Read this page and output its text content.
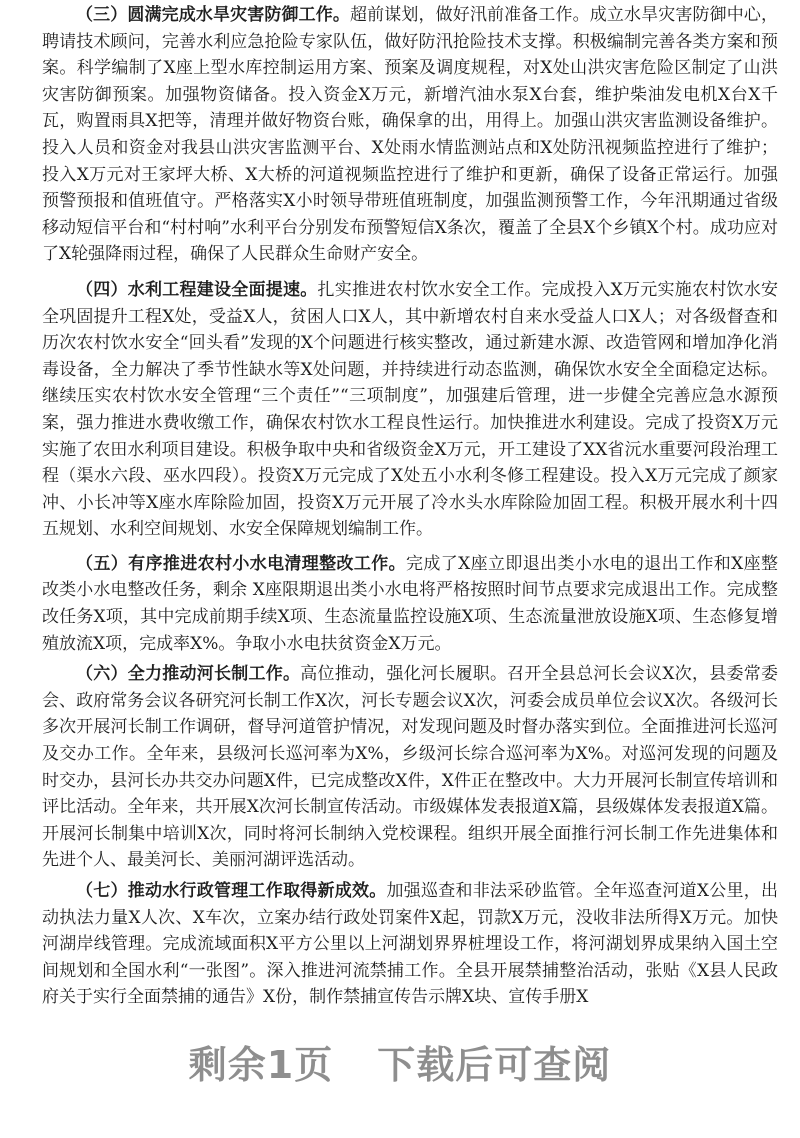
（三）圆满完成水旱灾害防御工作。超前谋划，做好汛前准备工作。成立水旱灾害防御中心，聘请技术顾问，完善水利应急抢险专家队伍，做好防汛抢险技术支撑。积极编制完善各类方案和预案。科学编制了X座上型水库控制运用方案、预案及调度规程，对X处山洪灾害危险区制定了山洪灾害防御预案。加强物资储备。投入资金X万元，新增汽油水泵X台套，维护柴油发电机X台X千瓦，购置雨具X把等，清理并做好物资台账，确保拿的出，用得上。加强山洪灾害监测设备维护。投入人员和资金对我县山洪灾害监测平台、X处雨水情监测站点和X处防汛视频监控进行了维护；投入X万元对王家坪大桥、X大桥的河道视频监控进行了维护和更新，确保了设备正常运行。加强预警预报和值班值守。严格落实X小时领导带班值班制度，加强监测预警工作，今年汛期通过省级移动短信平台和“村村响”水利平台分别发布预警短信X条次，覆盖了全县X个乡镇X个村。成功应对了X轮强降雨过程，确保了人民群众生命财产安全。

（四）水利工程建设全面提速。扎实推进农村饮水安全工作。完成投入X万元实施农村饮水安全巩固提升工程X处，受益X人，贫困人口X人，其中新增农村自来水受益人口X人；对各级督查和历次农村饮水安全“回头看”发现的X个问题进行核实整改，通过新建水源、改造管网和增加净化消毒设备，全力解决了季节性缺水等X处问题，并持续进行动态监测，确保饮水安全全面稳定达标。继续压实农村饮水安全管理“三个责任”“三项制度”，加强建后管理，进一步健全完善应急水源预案，强力推进水费收缴工作，确保农村饮水工程良性运行。加快推进水利建设。完成了投资X万元实施了农田水利项目建设。积极争取中央和省级资金X万元，开工建设了XX省沅水重要河段治理工程（渠水六段、巫水四段）。投资X万元完成了X处五小水利冬修工程建设。投入X万元完成了颜家冲、小长冲等X座水库除险加固，投资X万元开展了冷水头水库除险加固工程。积极开展水利十四五规划、水利空间规划、水安全保障规划编制工作。

（五）有序推进农村小水电清理整改工作。完成了X座立即退出类小水电的退出工作和X座整改类小水电整改任务，剩余 X座限期退出类小水电将严格按照时间节点要求完成退出工作。完成整改任务X项，其中完成前期手续X项、生态流量监控设施X项、生态流量泄放设施X项、生态修复增殖放流X项，完成率X%。争取小水电扶贫资金X万元。

（六）全力推动河长制工作。高位推动，强化河长履职。召开全县总河长会议X次，县委常委会、政府常务会议各研究河长制工作X次，河长专题会议X次，河委会成员单位会议X次。各级河长多次开展河长制工作调研，督导河道管护情况，对发现问题及时督办落实到位。全面推进河长巡河及交办工作。全年来，县级河长巡河率为X%，乡级河长综合巡河率为X%。对巡河发现的问题及时交办，县河长办共交办问题X件，已完成整改X件，X件正在整改中。大力开展河长制宣传培训和评比活动。全年来，共开展X次河长制宣传活动。市级媒体发表报道X篇，县级媒体发表报道X篇。开展河长制集中培训X次，同时将河长制纳入党校课程。组织开展全面推行河长制工作先进集体和先进个人、最美河长、美丽河湖评选活动。

（七）推动水行政管理工作取得新成效。加强巡查和非法采砂监管。全年巡查河道X公里，出动执法力量X人次、X车次，立案办结行政处罚案件X起，罚款X万元，没收非法所得X万元。加快河湖岸线管理。完成流域面积X平方公里以上河湖划界界桩埋设工作，将河湖划界成果纳入国土空间规划和全国水利“一张图”。深入推进河流禁捕工作。全县开展禁捕整治活动，张贴《X县人民政府关于实行全面禁捕的通告》X份，制作禁捕宣传告示牌X块、宣传手册X

剩余1页 下载后可查阅
